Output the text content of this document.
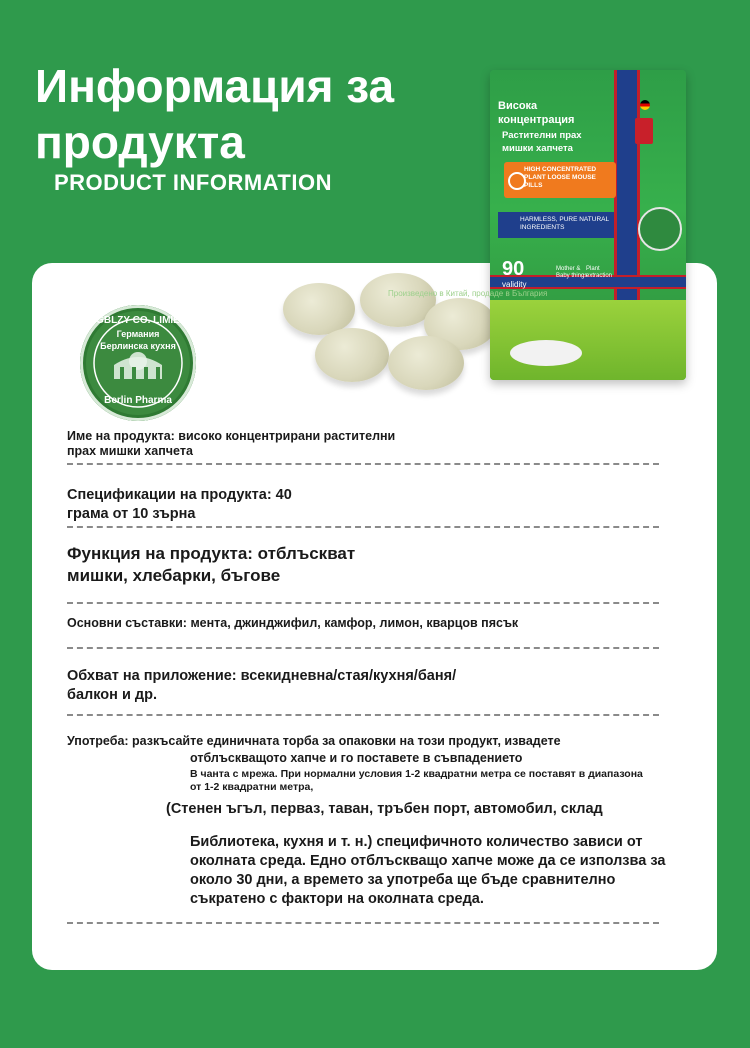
Информация за продукта
PRODUCT INFORMATION
DGBLZY CO. LIMIED
Германия
Берлинска кухня
Berlin Pharma
Висока
концентрация
Растителни прах
мишки хапчета
HIGH CONCENTRATED PLANT LOOSE MOUSE PILLS
HARMLESS, PURE NATURAL INGREDIENTS
90
validity
Mother & Baby things
Plant extraction
Произведено в Китай, продаде в България
Име на продукта: високо концентрирани растителни прах мишки хапчета
Спецификации на продукта: 40 грама от 10 зърна
Функция на продукта: отблъскват мишки, хлебарки, бъгове
Основни съставки: мента, джинджифил, камфор, лимон, кварцов пясък
Обхват на приложение: всекидневна/стая/кухня/баня/балкон и др.
Употреба: разкъсайте единичната торба за опаковки на този продукт, извадете
отблъскващото хапче и го поставете в съвпадението
В чанта с мрежа. При нормални условия 1-2 квадратни метра се поставят в диапазона от 1-2 квадратни метра,
(Стенен ъгъл, перваз, таван, тръбен порт, автомобил, склад
Библиотека, кухня и т. н.) специфичното количество зависи от околната среда. Едно отблъскващо хапче може да се използва за около 30 дни, а времето за употреба ще бъде сравнително съкратено с фактори на околната среда.
